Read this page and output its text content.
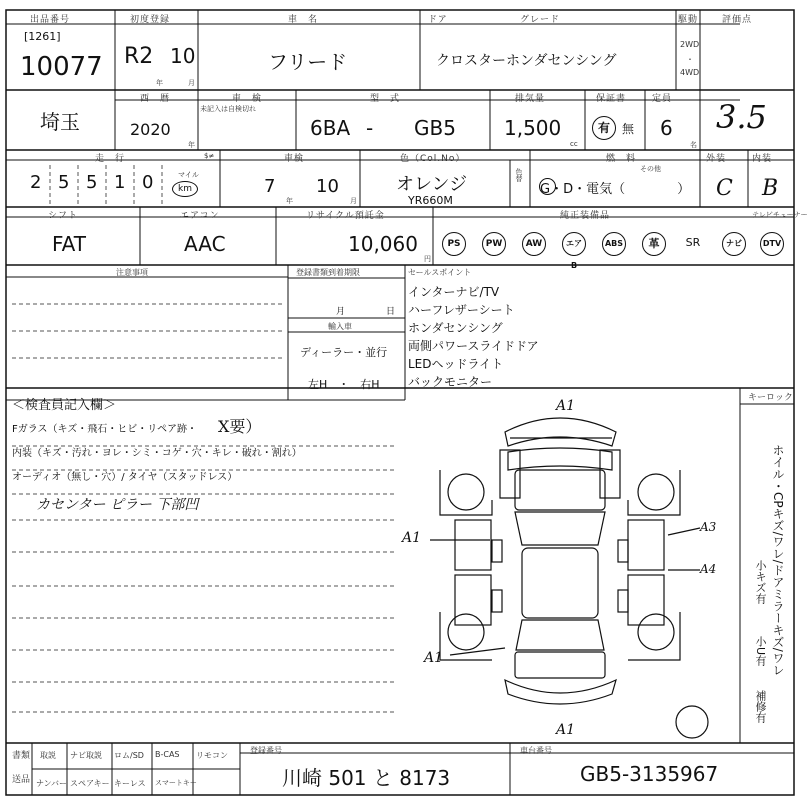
出品番号
[1261]
10077
初度登録
R2 10
年	月
車　名
フリード
ドア	グレード
クロスターホンダセンシング
駆動
2WD
・
4WD
評価点
3.5
埼玉
西　暦
2020
年
車　検
未記入は自検切れ
型　式
6BA - GB5
排気量
1,500
cc
保証書
有	無
定員
6
名
走　行
2 5 5 1 0	マイル
km
$≠	車検
7
年
10
月
色（Col.No）
オレンジ
YR660M
色替
燃　料
その他
G・D・電気（　　　　）
外装
C
内装
B
シフト
FAT
エアコン
AAC
リサイクル預託金
10,060
円
純正装備品	テレビチューナー
PS	PW	AW	エアB
ABS	革	SR	ナビ	DTV
注意事項	登録書類到着期限
月	日
輸入車
ディーラー・並行
左H　・　右H
セールスポイント
インターナビ/TV
ハーフレザーシート
ホンダセンシング
両側パワースライドドア
LEDヘッドライト
バックモニター
＜検査員記入欄＞
Fガラス（キズ・飛石・ヒビ・リペア跡・ X要）
内装（キズ・汚れ・ヨレ・シミ・コゲ・穴・キレ・破れ・割れ）
オーディオ（無し・穴）/ タイヤ（スタッドレス）
カセンター ピラー 下部凹
A1
A1
A1
A3
A4
A1
キーロック
ホイル・CPキズ/ワレ/ドアミラーキズ/ワレ
小キズ有
小U有
補修有
書類
送品
取説 ナビ取説 ロム/SD B-CAS リモコン
ナンバー スペアキー キーレス スマートキー
登録番号
川崎 501 と 8173
車台番号
GB5-3135967
